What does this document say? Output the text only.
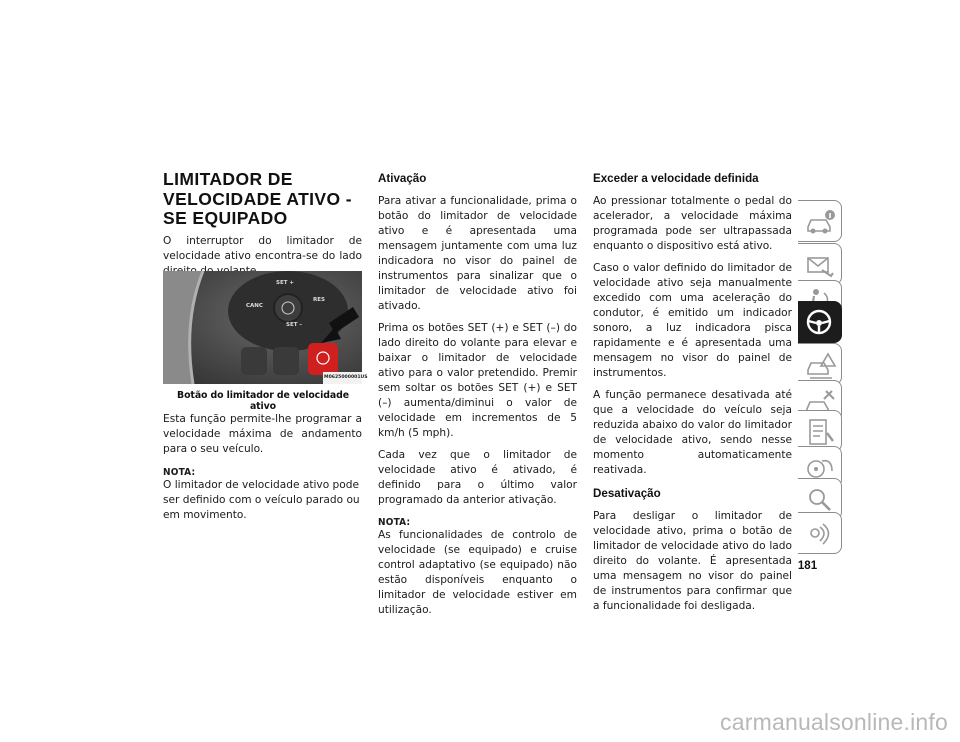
LIMITADOR DE VELOCIDADE ATIVO - SE EQUIPADO

O interruptor do limitador de velocidade ativo encontra-se do lado

SET +
CANC
RES
SET –
M0625000001US
Botão do limitador de velocidade ativo

Esta função permite-lhe programar a velocidade máxima de andamento para o seu veículo.

NOTA:

O limitador de velocidade ativo pode ser definido com o veículo parado ou em movimento.

Ativação

Para ativar a funcionalidade, prima o botão do limitador de velocidade ativo e é apresentada uma mensagem juntamente com uma luz indicadora no visor do painel de instrumentos para sinalizar que o limitador de velocidade ativo foi ativado.

Prima os botões SET (+) e SET (–) do lado direito do volante para elevar e baixar o limitador de velocidade ativo para o valor pretendido. Premir sem soltar os botões SET (+) e SET (–) aumenta/diminui o valor de velocidade em incrementos de 5 km/h (5 mph).

Cada vez que o limitador de velocidade ativo é ativado, é definido para o último valor programado da anterior ativação.

NOTA:

As funcionalidades de controlo de velocidade (se equipado) e cruise control adaptativo (se equipado) não estão disponíveis enquanto o limitador de velocidade estiver em utilização.

Exceder a velocidade definida

Ao pressionar totalmente o pedal do acelerador, a velocidade máxima programada pode ser ultrapassada enquanto o dispositivo está ativo.

Caso o valor definido do limitador de velocidade ativo seja manualmente excedido com uma aceleração do condutor, é emitido um indicador sonoro, a luz indicadora pisca rapidamente e é apresentada uma mensagem no visor do painel de instrumentos.

A função permanece desativada até que a velocidade do veículo seja reduzida abaixo do valor do limitador de velocidade ativo, sendo nesse momento automaticamente reativada.

Desativação

Para desligar o limitador de velocidade ativo, prima o botão de limitador de velocidade ativo do lado direito do volante. É apresentada uma mensagem no visor do painel de instrumentos para confirmar que a funcionalidade foi desligada.

181
carmanualsonline.info
